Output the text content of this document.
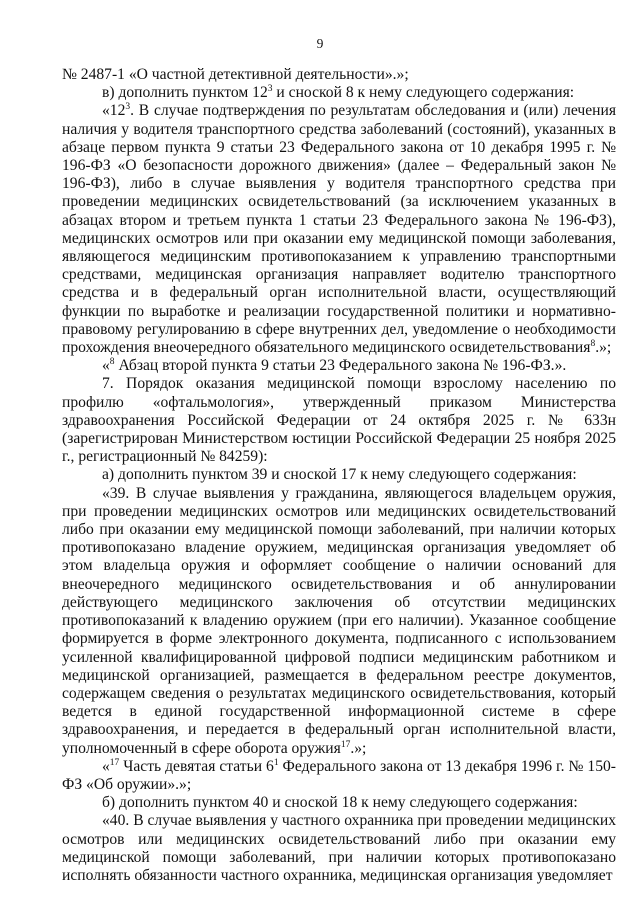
9

№ 2487-1 «О частной детективной деятельности».»;

в) дополнить пунктом $12^3$ и сноской 8 к нему следующего содержания:

«$12^3$. В случае подтверждения по результатам обследования и (или) лечения наличия у водителя транспортного средства заболеваний (состояний), указанных в абзаце первом пункта 9 статьи 23 Федерального закона от 10 декабря 1995 г. № 196-ФЗ «О безопасности дорожного движения» (далее – Федеральный закон № 196-ФЗ), либо в случае выявления у водителя транспортного средства при проведении медицинских освидетельствований (за исключением указанных в абзацах втором и третьем пункта 1 статьи 23 Федерального закона № 196-ФЗ), медицинских осмотров или при оказании ему медицинской помощи заболевания, являющегося медицинским противопоказанием к управлению транспортными средствами, медицинская организация направляет водителю транспортного средства и в федеральный орган исполнительной власти, осуществляющий функции по выработке и реализации государственной политики и нормативно-правовому регулированию в сфере внутренних дел, уведомление о необходимости прохождения внеочередного обязательного медицинского освидетельствования$^8$.»;

«$^8$ Абзац второй пункта 9 статьи 23 Федерального закона № 196-ФЗ.».

7. Порядок оказания медицинской помощи взрослому населению по профилю «офтальмология», утвержденный приказом Министерства здравоохранения Российской Федерации от 24 октября 2025 г. № 633н (зарегистрирован Министерством юстиции Российской Федерации 25 ноября 2025 г., регистрационный № 84259):

а) дополнить пунктом 39 и сноской 17 к нему следующего содержания:

«39. В случае выявления у гражданина, являющегося владельцем оружия, при проведении медицинских осмотров или медицинских освидетельствований либо при оказании ему медицинской помощи заболеваний, при наличии которых противопоказано владение оружием, медицинская организация уведомляет об этом владельца оружия и оформляет сообщение о наличии оснований для внеочередного медицинского освидетельствования и об аннулировании действующего медицинского заключения об отсутствии медицинских противопоказаний к владению оружием (при его наличии). Указанное сообщение формируется в форме электронного документа, подписанного с использованием усиленной квалифицированной цифровой подписи медицинским работником и медицинской организацией, размещается в федеральном реестре документов, содержащем сведения о результатах медицинского освидетельствования, который ведется в единой государственной информационной системе в сфере здравоохранения, и передается в федеральный орган исполнительной власти, уполномоченный в сфере оборота оружия$^{17}$.»;

«$^{17}$ Часть девятая статьи $6^1$ Федерального закона от 13 декабря 1996 г. № 150-ФЗ «Об оружии».»;

б) дополнить пунктом 40 и сноской 18 к нему следующего содержания:

«40. В случае выявления у частного охранника при проведении медицинских осмотров или медицинских освидетельствований либо при оказании ему медицинской помощи заболеваний, при наличии которых противопоказано исполнять обязанности частного охранника, медицинская организация уведомляет
